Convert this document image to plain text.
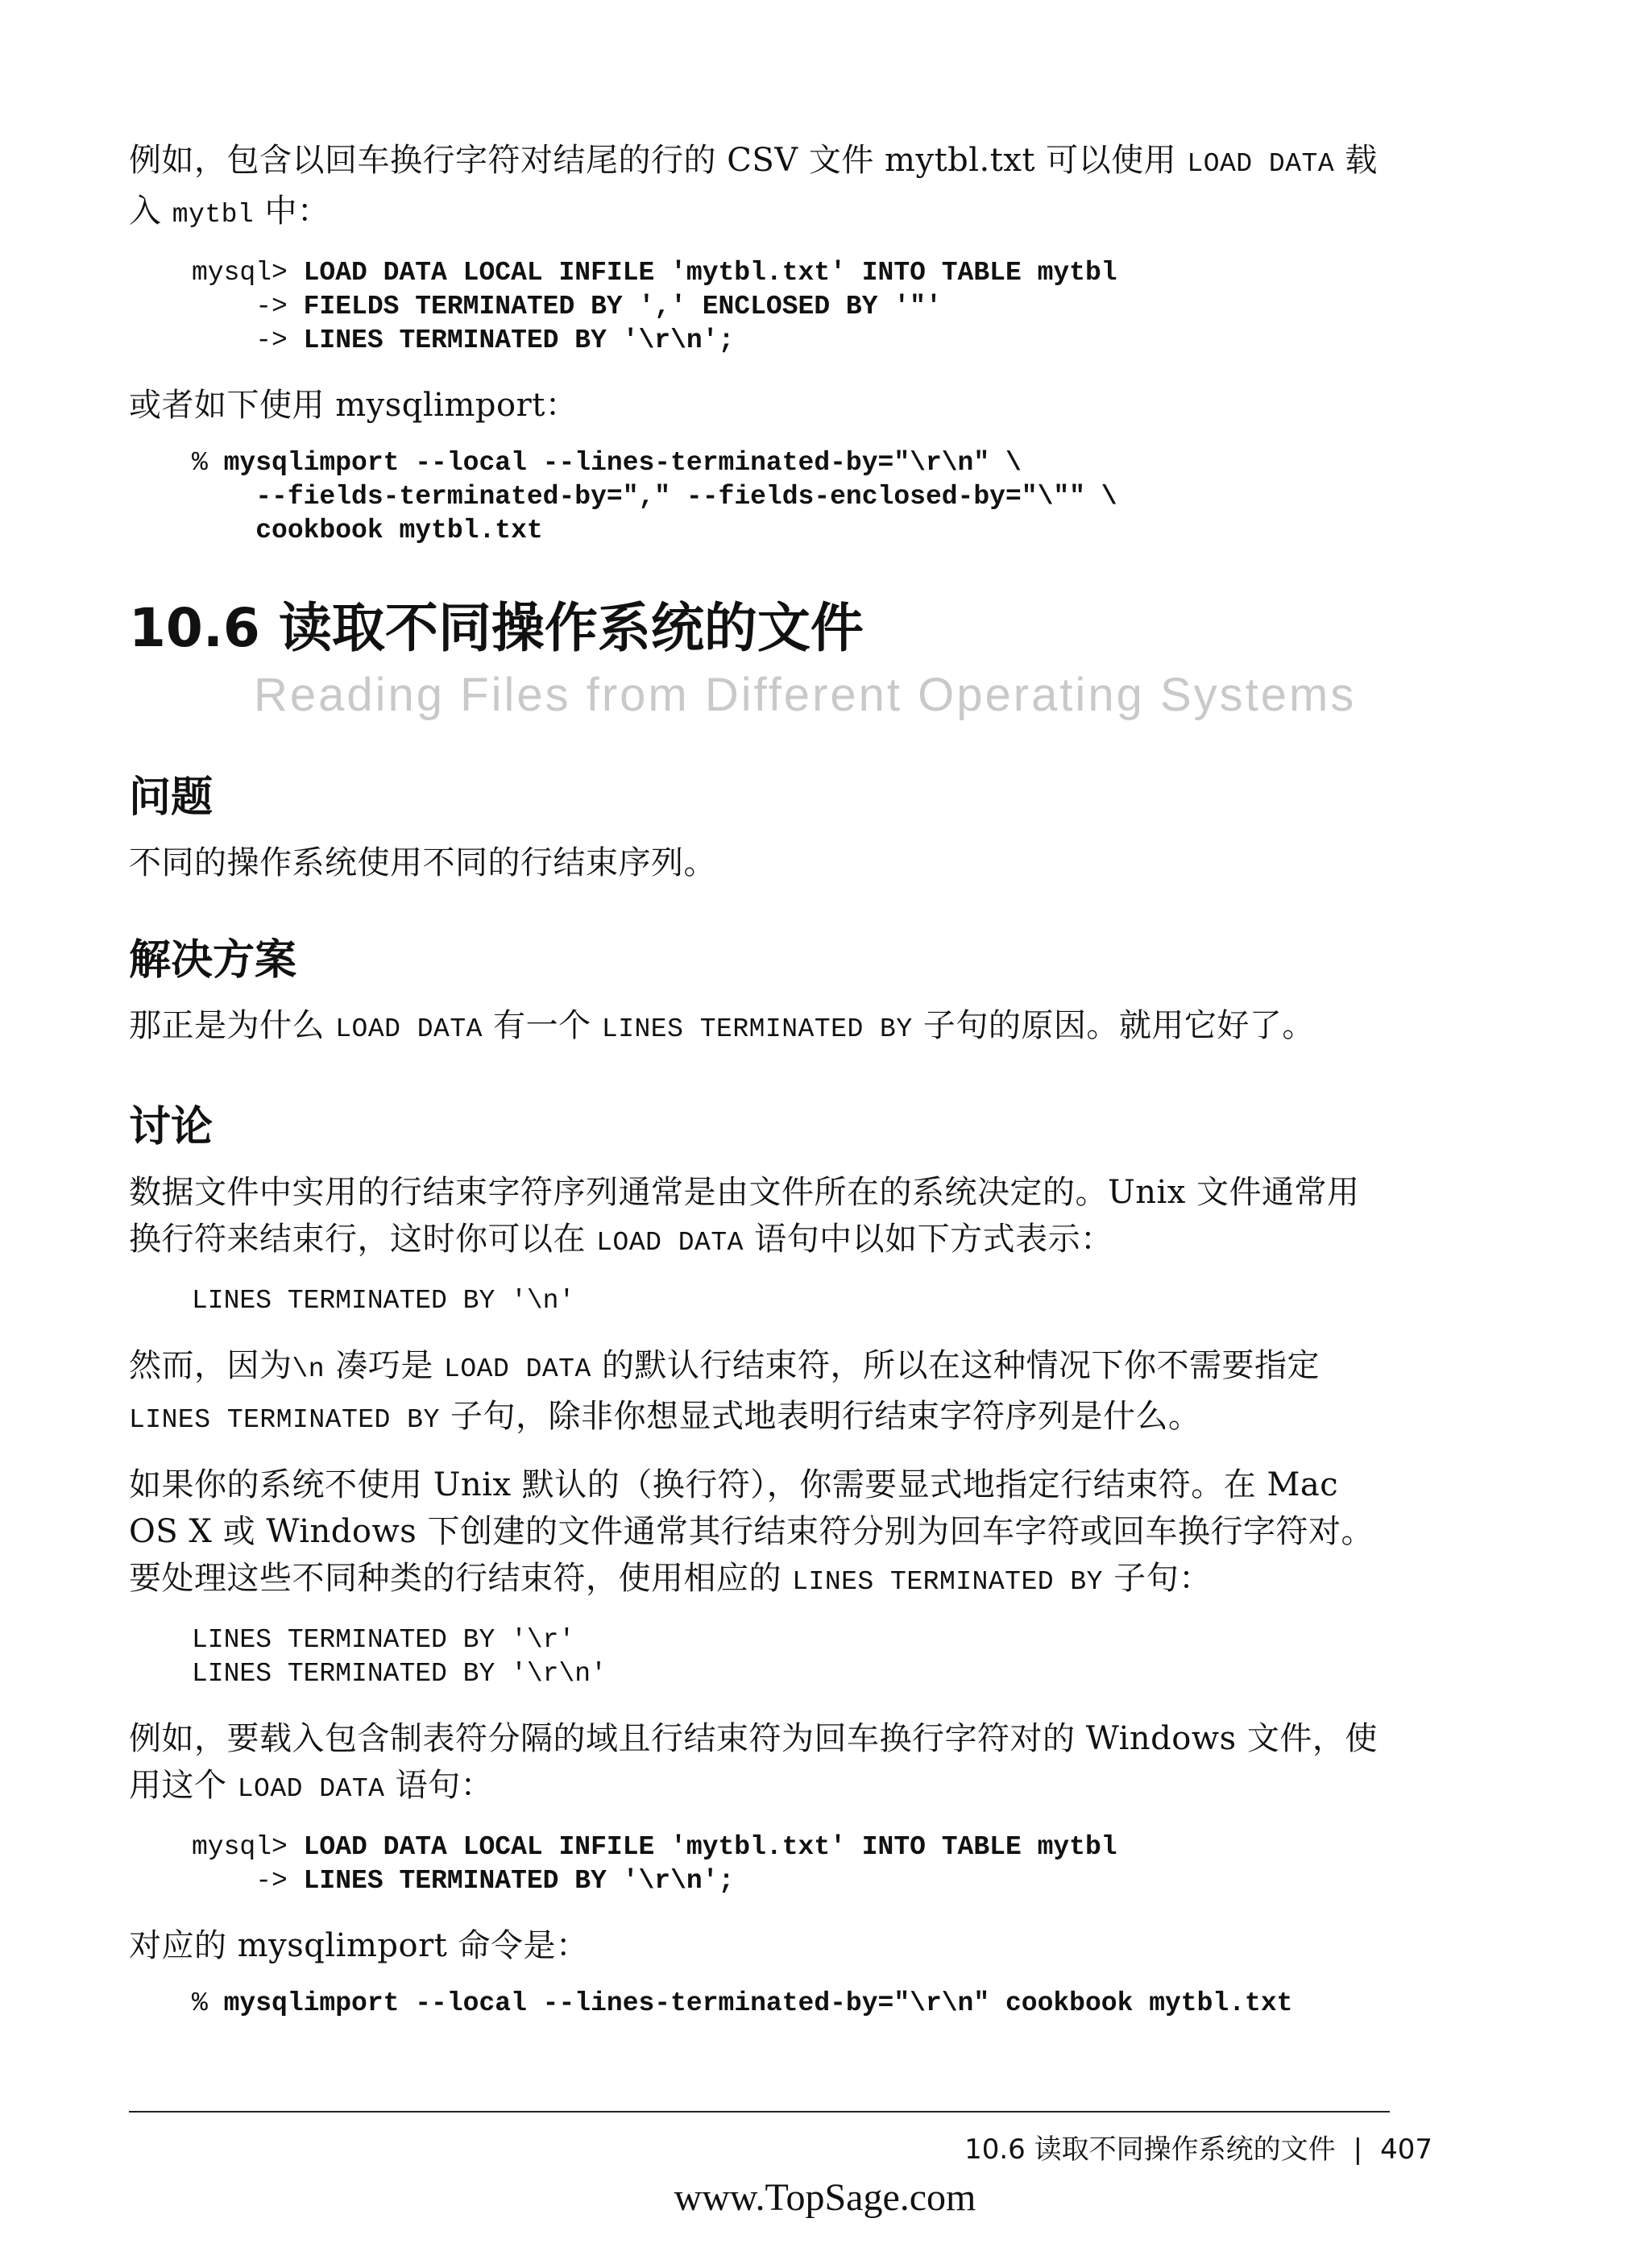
例如，包含以回车换行字符对结尾的行的 CSV 文件 mytbl.txt 可以使用 LOAD DATA 载入 mytbl 中：

mysql> LOAD DATA LOCAL INFILE 'mytbl.txt' INTO TABLE mytbl
-> FIELDS TERMINATED BY ',' ENCLOSED BY '"'
-> LINES TERMINATED BY '\r\n';

或者如下使用 mysqlimport：

% mysqlimport --local --lines-terminated-by="\r\n" \
--fields-terminated-by="," --fields-enclosed-by="\"" \
cookbook mytbl.txt
10.6 读取不同操作系统的文件
Reading Files from Different Operating Systems
问题

不同的操作系统使用不同的行结束序列。

解决方案

那正是为什么 LOAD DATA 有一个 LINES TERMINATED BY 子句的原因。就用它好了。

讨论

数据文件中实用的行结束字符序列通常是由文件所在的系统决定的。Unix 文件通常用换行符来结束行，这时你可以在 LOAD DATA 语句中以如下方式表示：

LINES TERMINATED BY '\n'

然而，因为\n 凑巧是 LOAD DATA 的默认行结束符，所以在这种情况下你不需要指定 LINES TERMINATED BY 子句，除非你想显式地表明行结束字符序列是什么。

如果你的系统不使用 Unix 默认的（换行符），你需要显式地指定行结束符。在 Mac OS X 或 Windows 下创建的文件通常其行结束符分别为回车字符或回车换行字符对。要处理这些不同种类的行结束符，使用相应的 LINES TERMINATED BY 子句：

LINES TERMINATED BY '\r'
LINES TERMINATED BY '\r\n'

例如，要载入包含制表符分隔的域且行结束符为回车换行字符对的 Windows 文件，使用这个 LOAD DATA 语句：

mysql> LOAD DATA LOCAL INFILE 'mytbl.txt' INTO TABLE mytbl
-> LINES TERMINATED BY '\r\n';

对应的 mysqlimport 命令是：

% mysqlimport --local --lines-terminated-by="\r\n" cookbook mytbl.txt
10.6 读取不同操作系统的文件 | 407
www.TopSage.com
